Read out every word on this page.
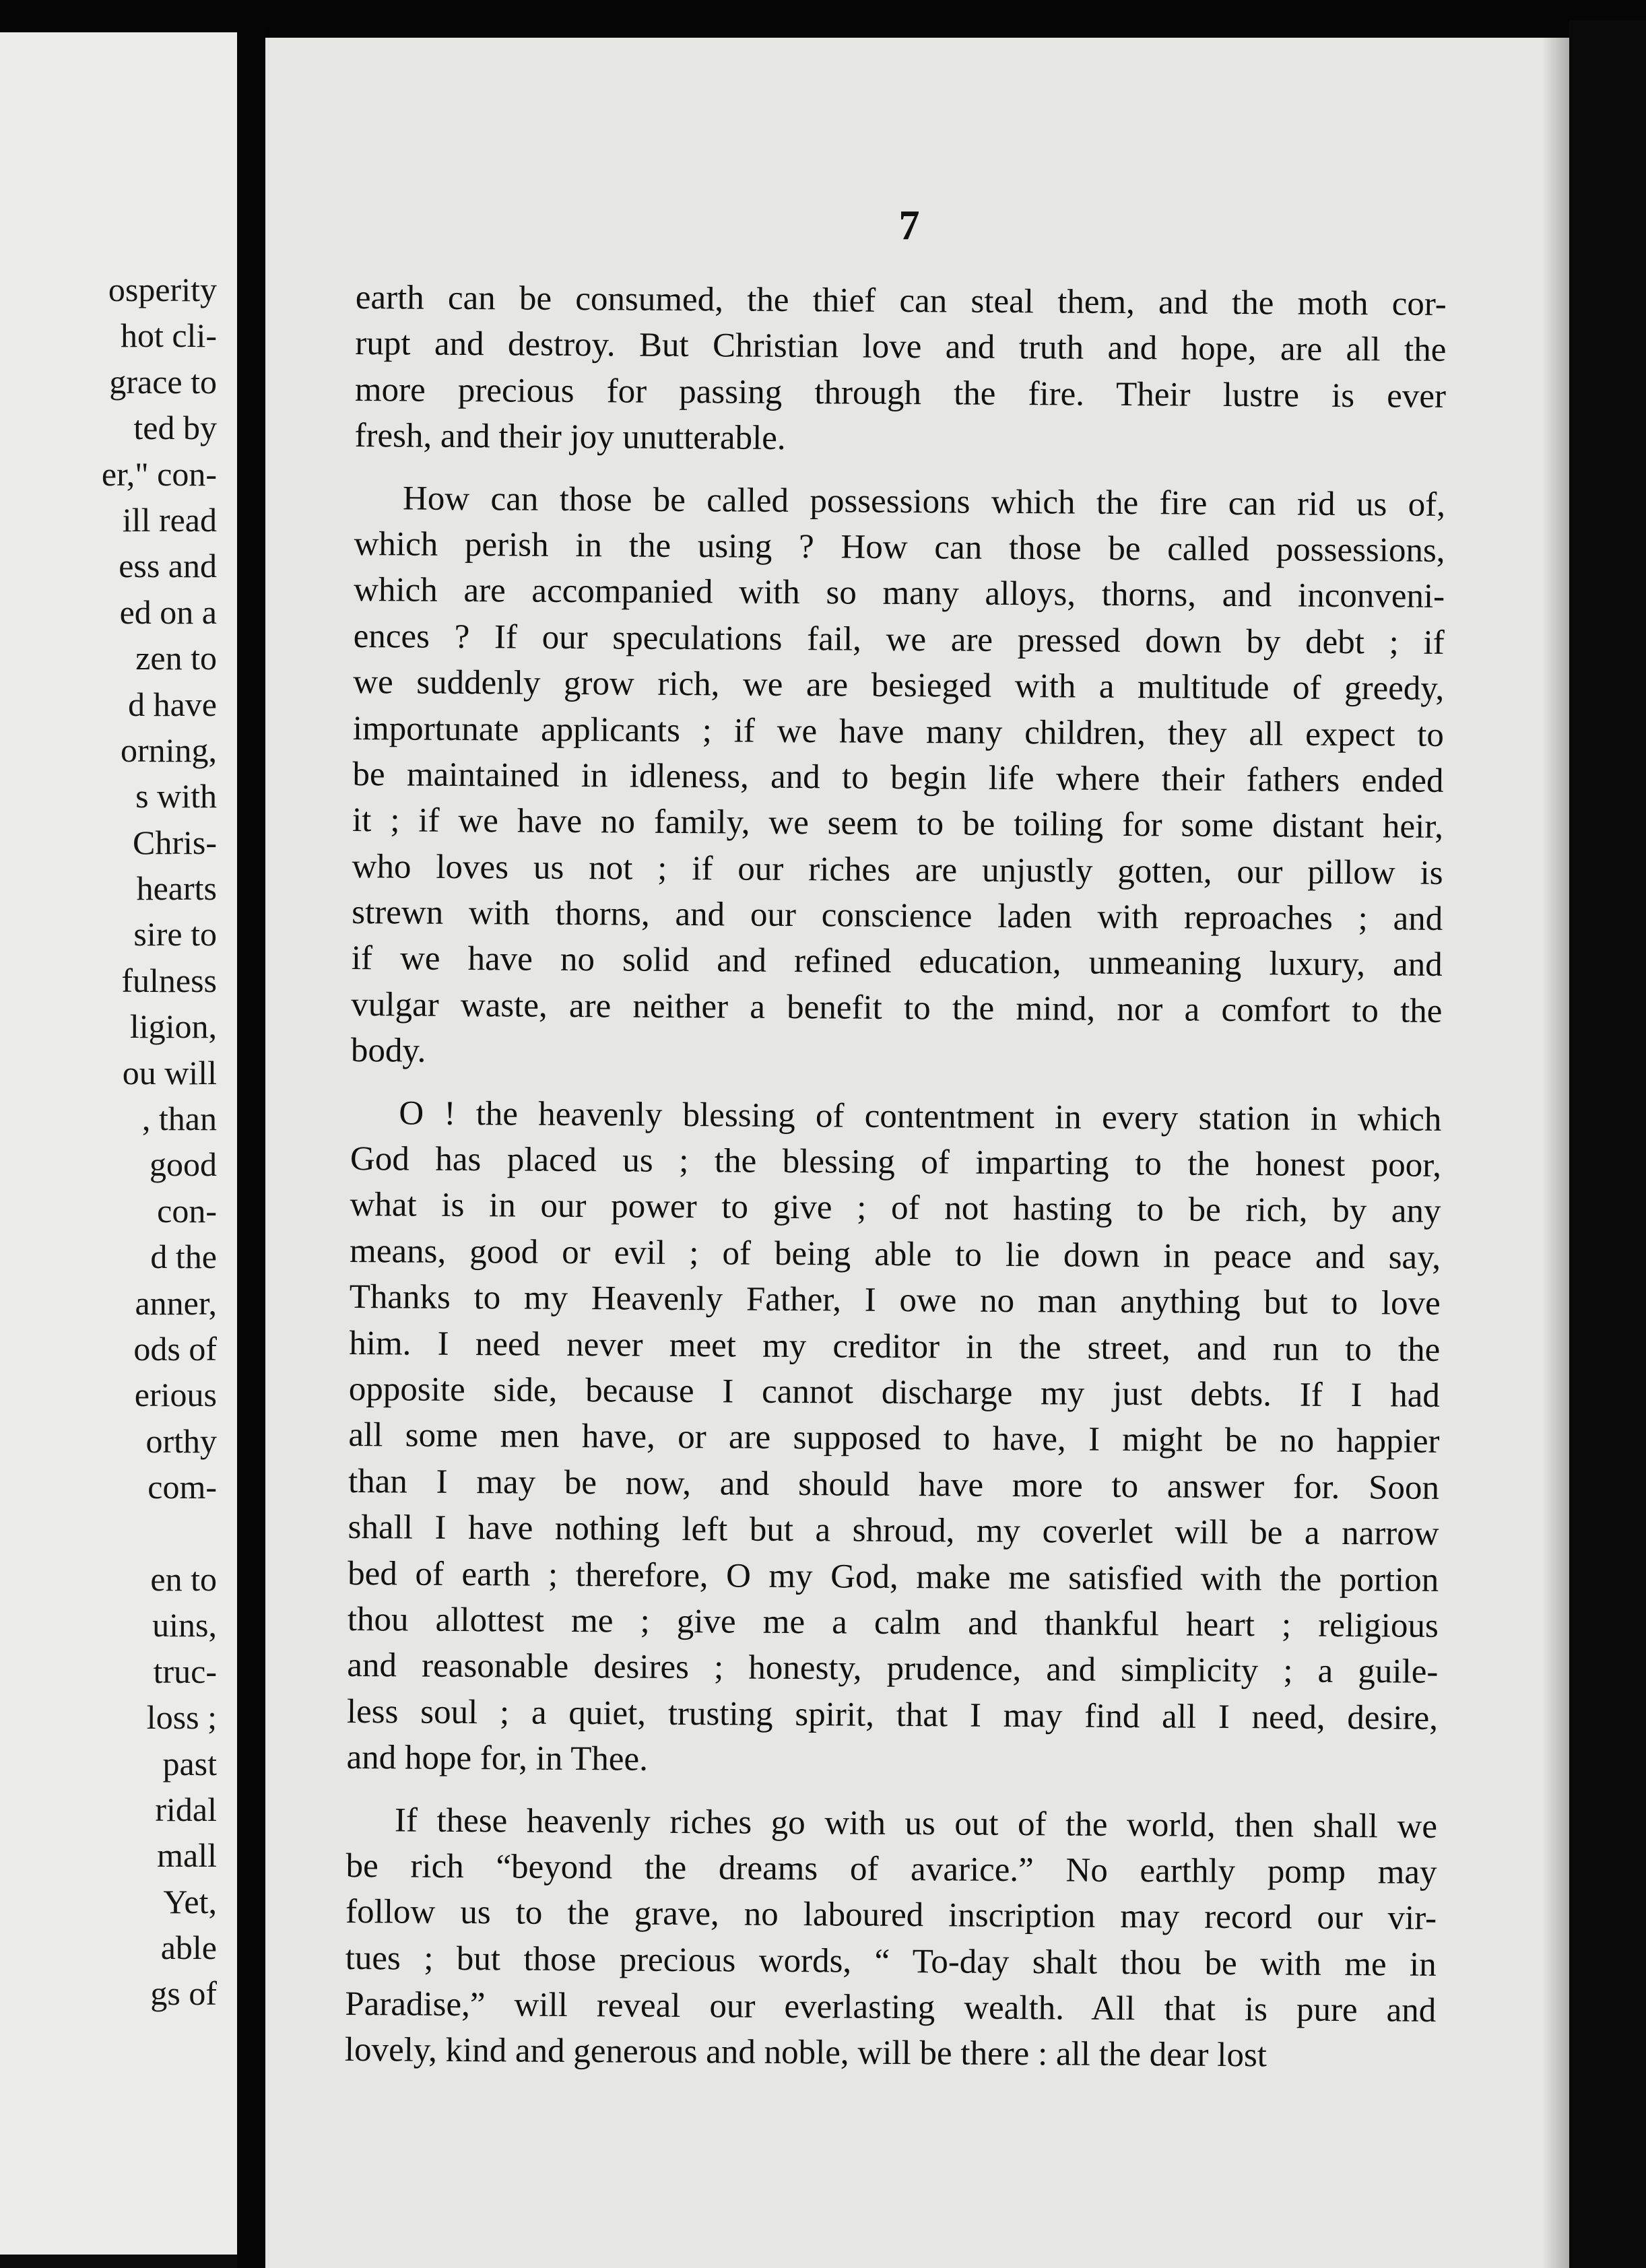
osperity
hot cli-
grace to
ted by
er," con-
ill read
ess and
ed on a
zen to
d have
orning,
s with
Chris-
hearts
sire to
fulness
ligion,
ou will
, than
good
con-
d the
anner,
ods of
erious
orthy
com-
en to
uins,
truc-
loss ;
past
ridal
mall
Yet,
able
gs of
7
earth can be consumed, the thief can steal them, and the moth cor-
rupt and destroy. But Christian love and truth and hope, are all the
more precious for passing through the fire. Their lustre is ever
fresh, and their joy unutterable.
How can those be called possessions which the fire can rid us of,
which perish in the using ? How can those be called possessions,
which are accompanied with so many alloys, thorns, and inconveni-
ences ? If our speculations fail, we are pressed down by debt ; if
we suddenly grow rich, we are besieged with a multitude of greedy,
importunate applicants ; if we have many children, they all expect to
be maintained in idleness, and to begin life where their fathers ended
it ; if we have no family, we seem to be toiling for some distant heir,
who loves us not ; if our riches are unjustly gotten, our pillow is
strewn with thorns, and our conscience laden with reproaches ; and
if we have no solid and refined education, unmeaning luxury, and
vulgar waste, are neither a benefit to the mind, nor a comfort to the
body.
O ! the heavenly blessing of contentment in every station in which
God has placed us ; the blessing of imparting to the honest poor,
what is in our power to give ; of not hasting to be rich, by any
means, good or evil ; of being able to lie down in peace and say,
Thanks to my Heavenly Father, I owe no man anything but to love
him. I need never meet my creditor in the street, and run to the
opposite side, because I cannot discharge my just debts. If I had
all some men have, or are supposed to have, I might be no happier
than I may be now, and should have more to answer for. Soon
shall I have nothing left but a shroud, my coverlet will be a narrow
bed of earth ; therefore, O my God, make me satisfied with the portion
thou allottest me ; give me a calm and thankful heart ; religious
and reasonable desires ; honesty, prudence, and simplicity ; a guile-
less soul ; a quiet, trusting spirit, that I may find all I need, desire,
and hope for, in Thee.
If these heavenly riches go with us out of the world, then shall we
be rich “beyond the dreams of avarice.” No earthly pomp may
follow us to the grave, no laboured inscription may record our vir-
tues ; but those precious words, “ To-day shalt thou be with me in
Paradise,” will reveal our everlasting wealth. All that is pure and
lovely, kind and generous and noble, will be there : all the dear lost
